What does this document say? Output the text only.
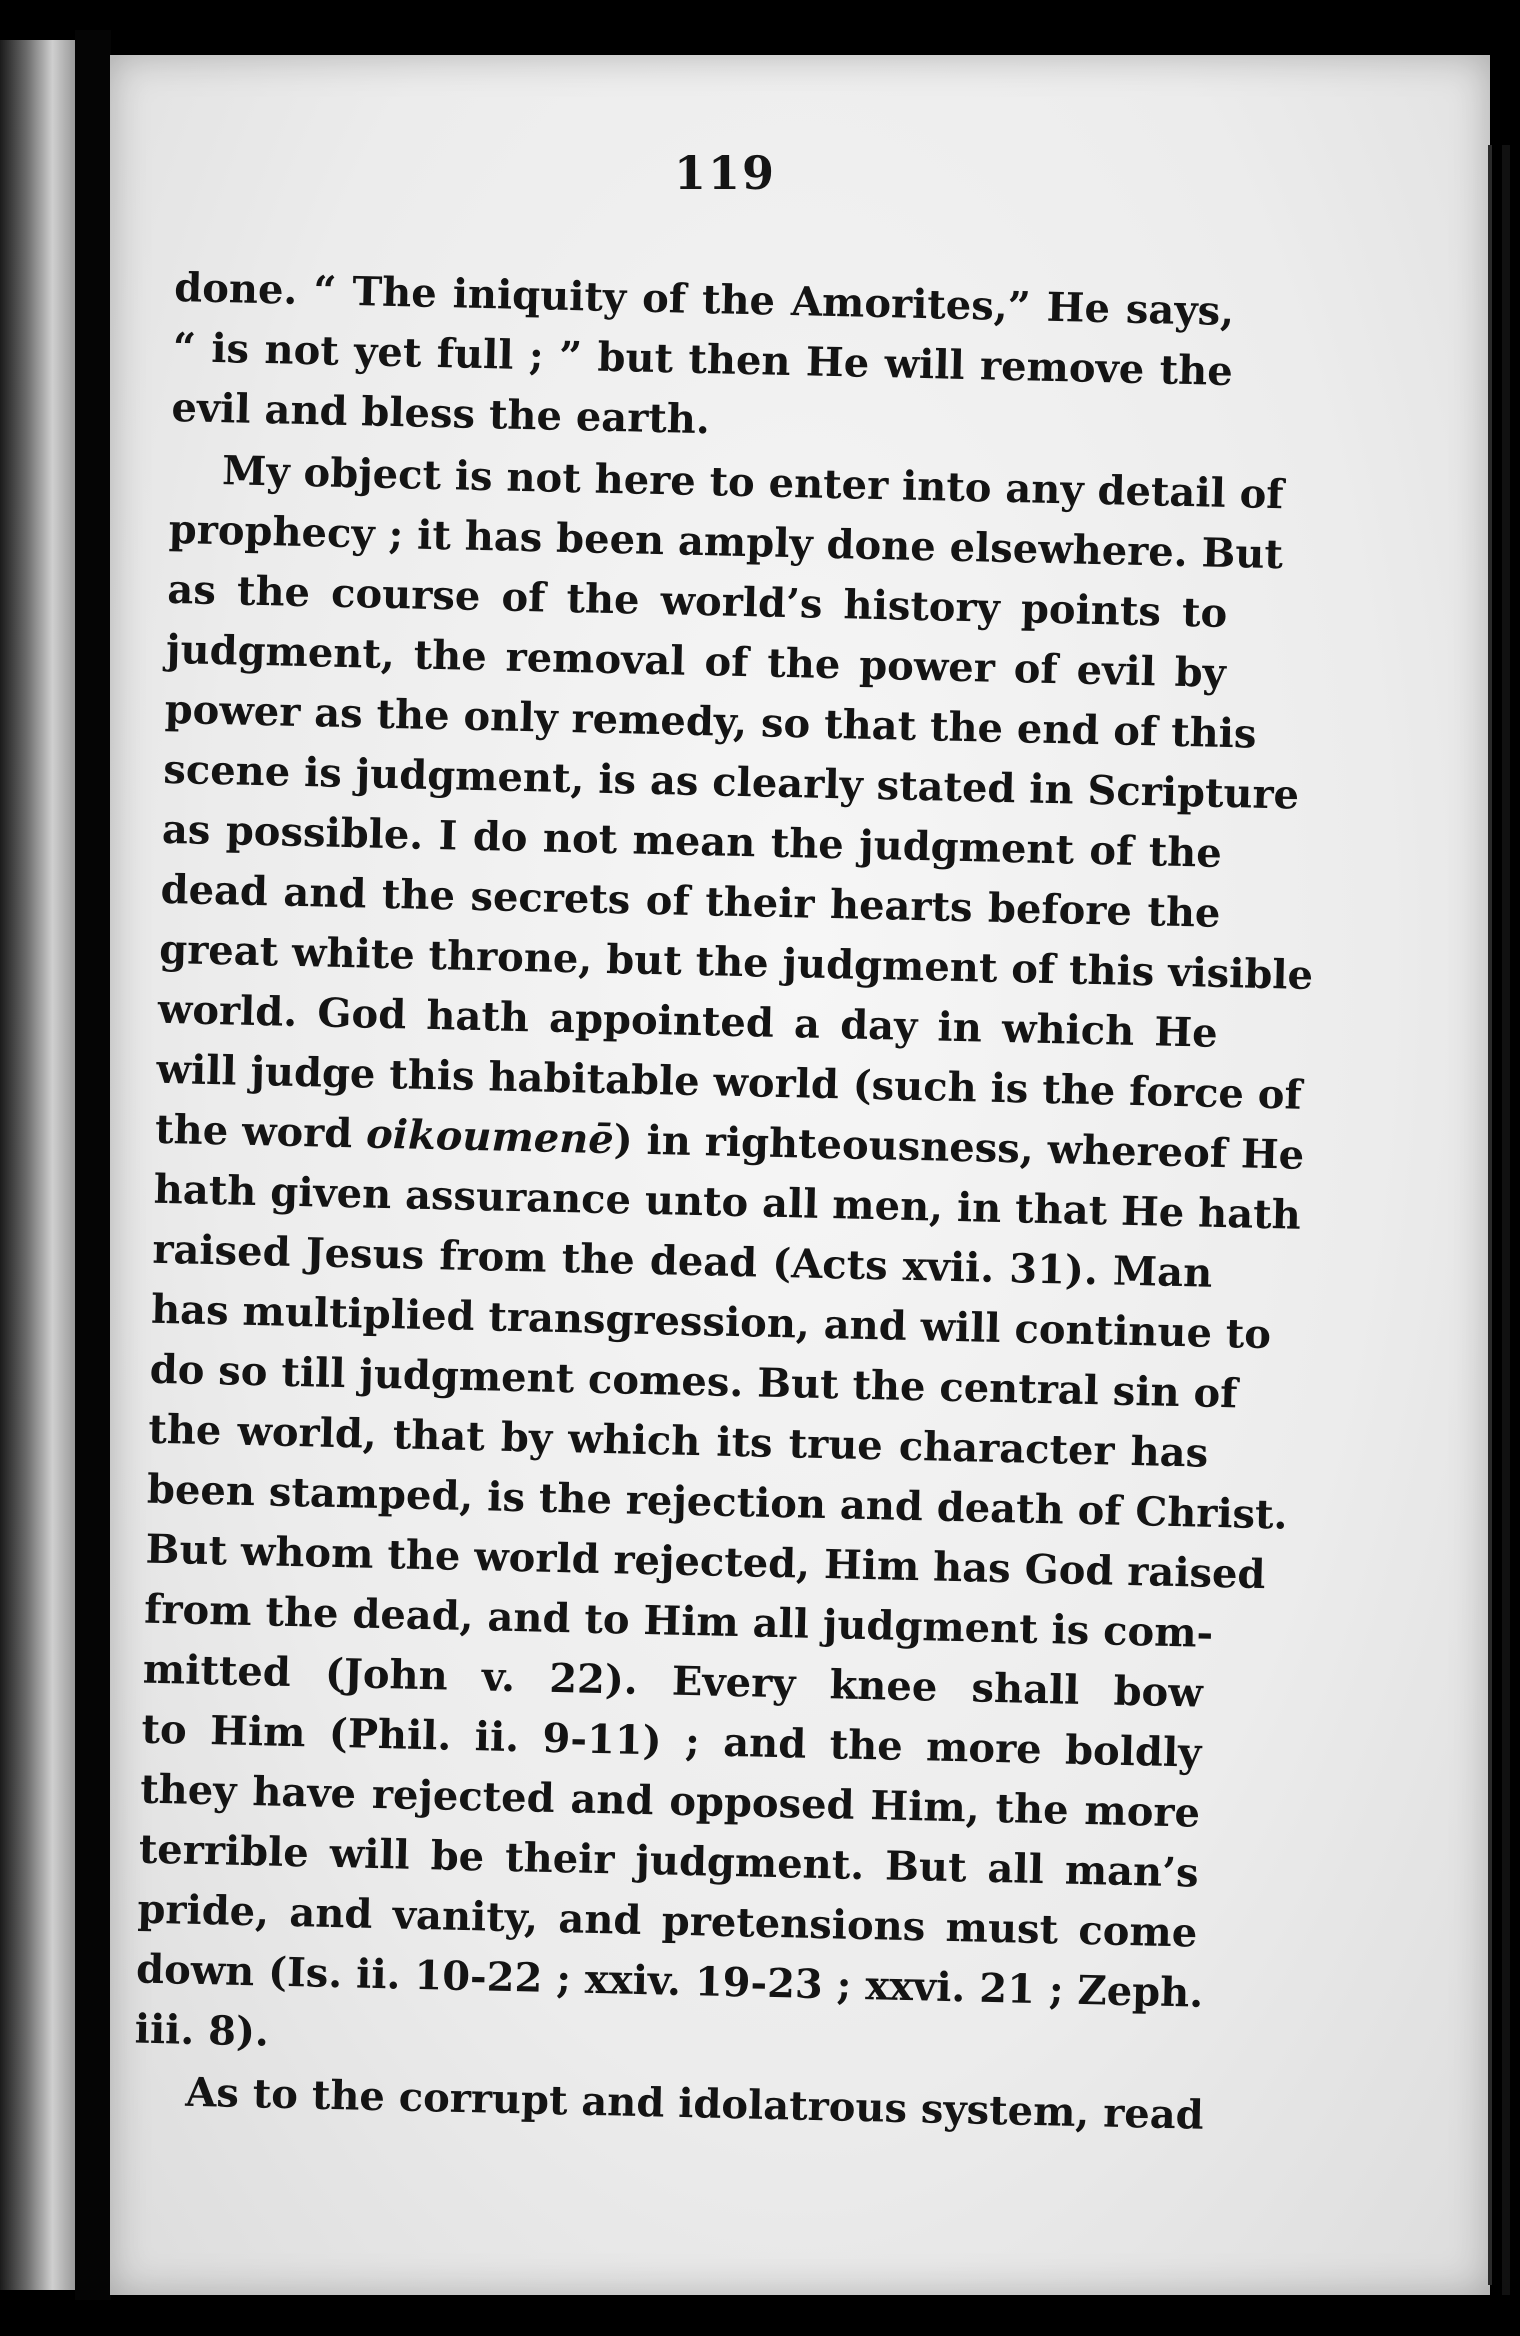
119
done. “ The iniquity of the Amorites,” He says,
“ is not yet full ; ” but then He will remove the
evil and bless the earth.
My object is not here to enter into any detail of
prophecy ; it has been amply done elsewhere. But
as the course of the world’s history points to
judgment, the removal of the power of evil by
power as the only remedy, so that the end of this
scene is judgment, is as clearly stated in Scripture
as possible. I do not mean the judgment of the
dead and the secrets of their hearts before the
great white throne, but the judgment of this visible
world. God hath appointed a day in which He
will judge this habitable world (such is the force of
the word oikoumenē) in righteousness, whereof He
hath given assurance unto all men, in that He hath
raised Jesus from the dead (Acts xvii. 31). Man
has multiplied transgression, and will continue to
do so till judgment comes. But the central sin of
the world, that by which its true character has
been stamped, is the rejection and death of Christ.
But whom the world rejected, Him has God raised
from the dead, and to Him all judgment is com-
mitted (John v. 22). Every knee shall bow
to Him (Phil. ii. 9-11) ; and the more boldly
they have rejected and opposed Him, the more
terrible will be their judgment. But all man’s
pride, and vanity, and pretensions must come
down (Is. ii. 10-22 ; xxiv. 19-23 ; xxvi. 21 ; Zeph.
iii. 8).
As to the corrupt and idolatrous system, read
